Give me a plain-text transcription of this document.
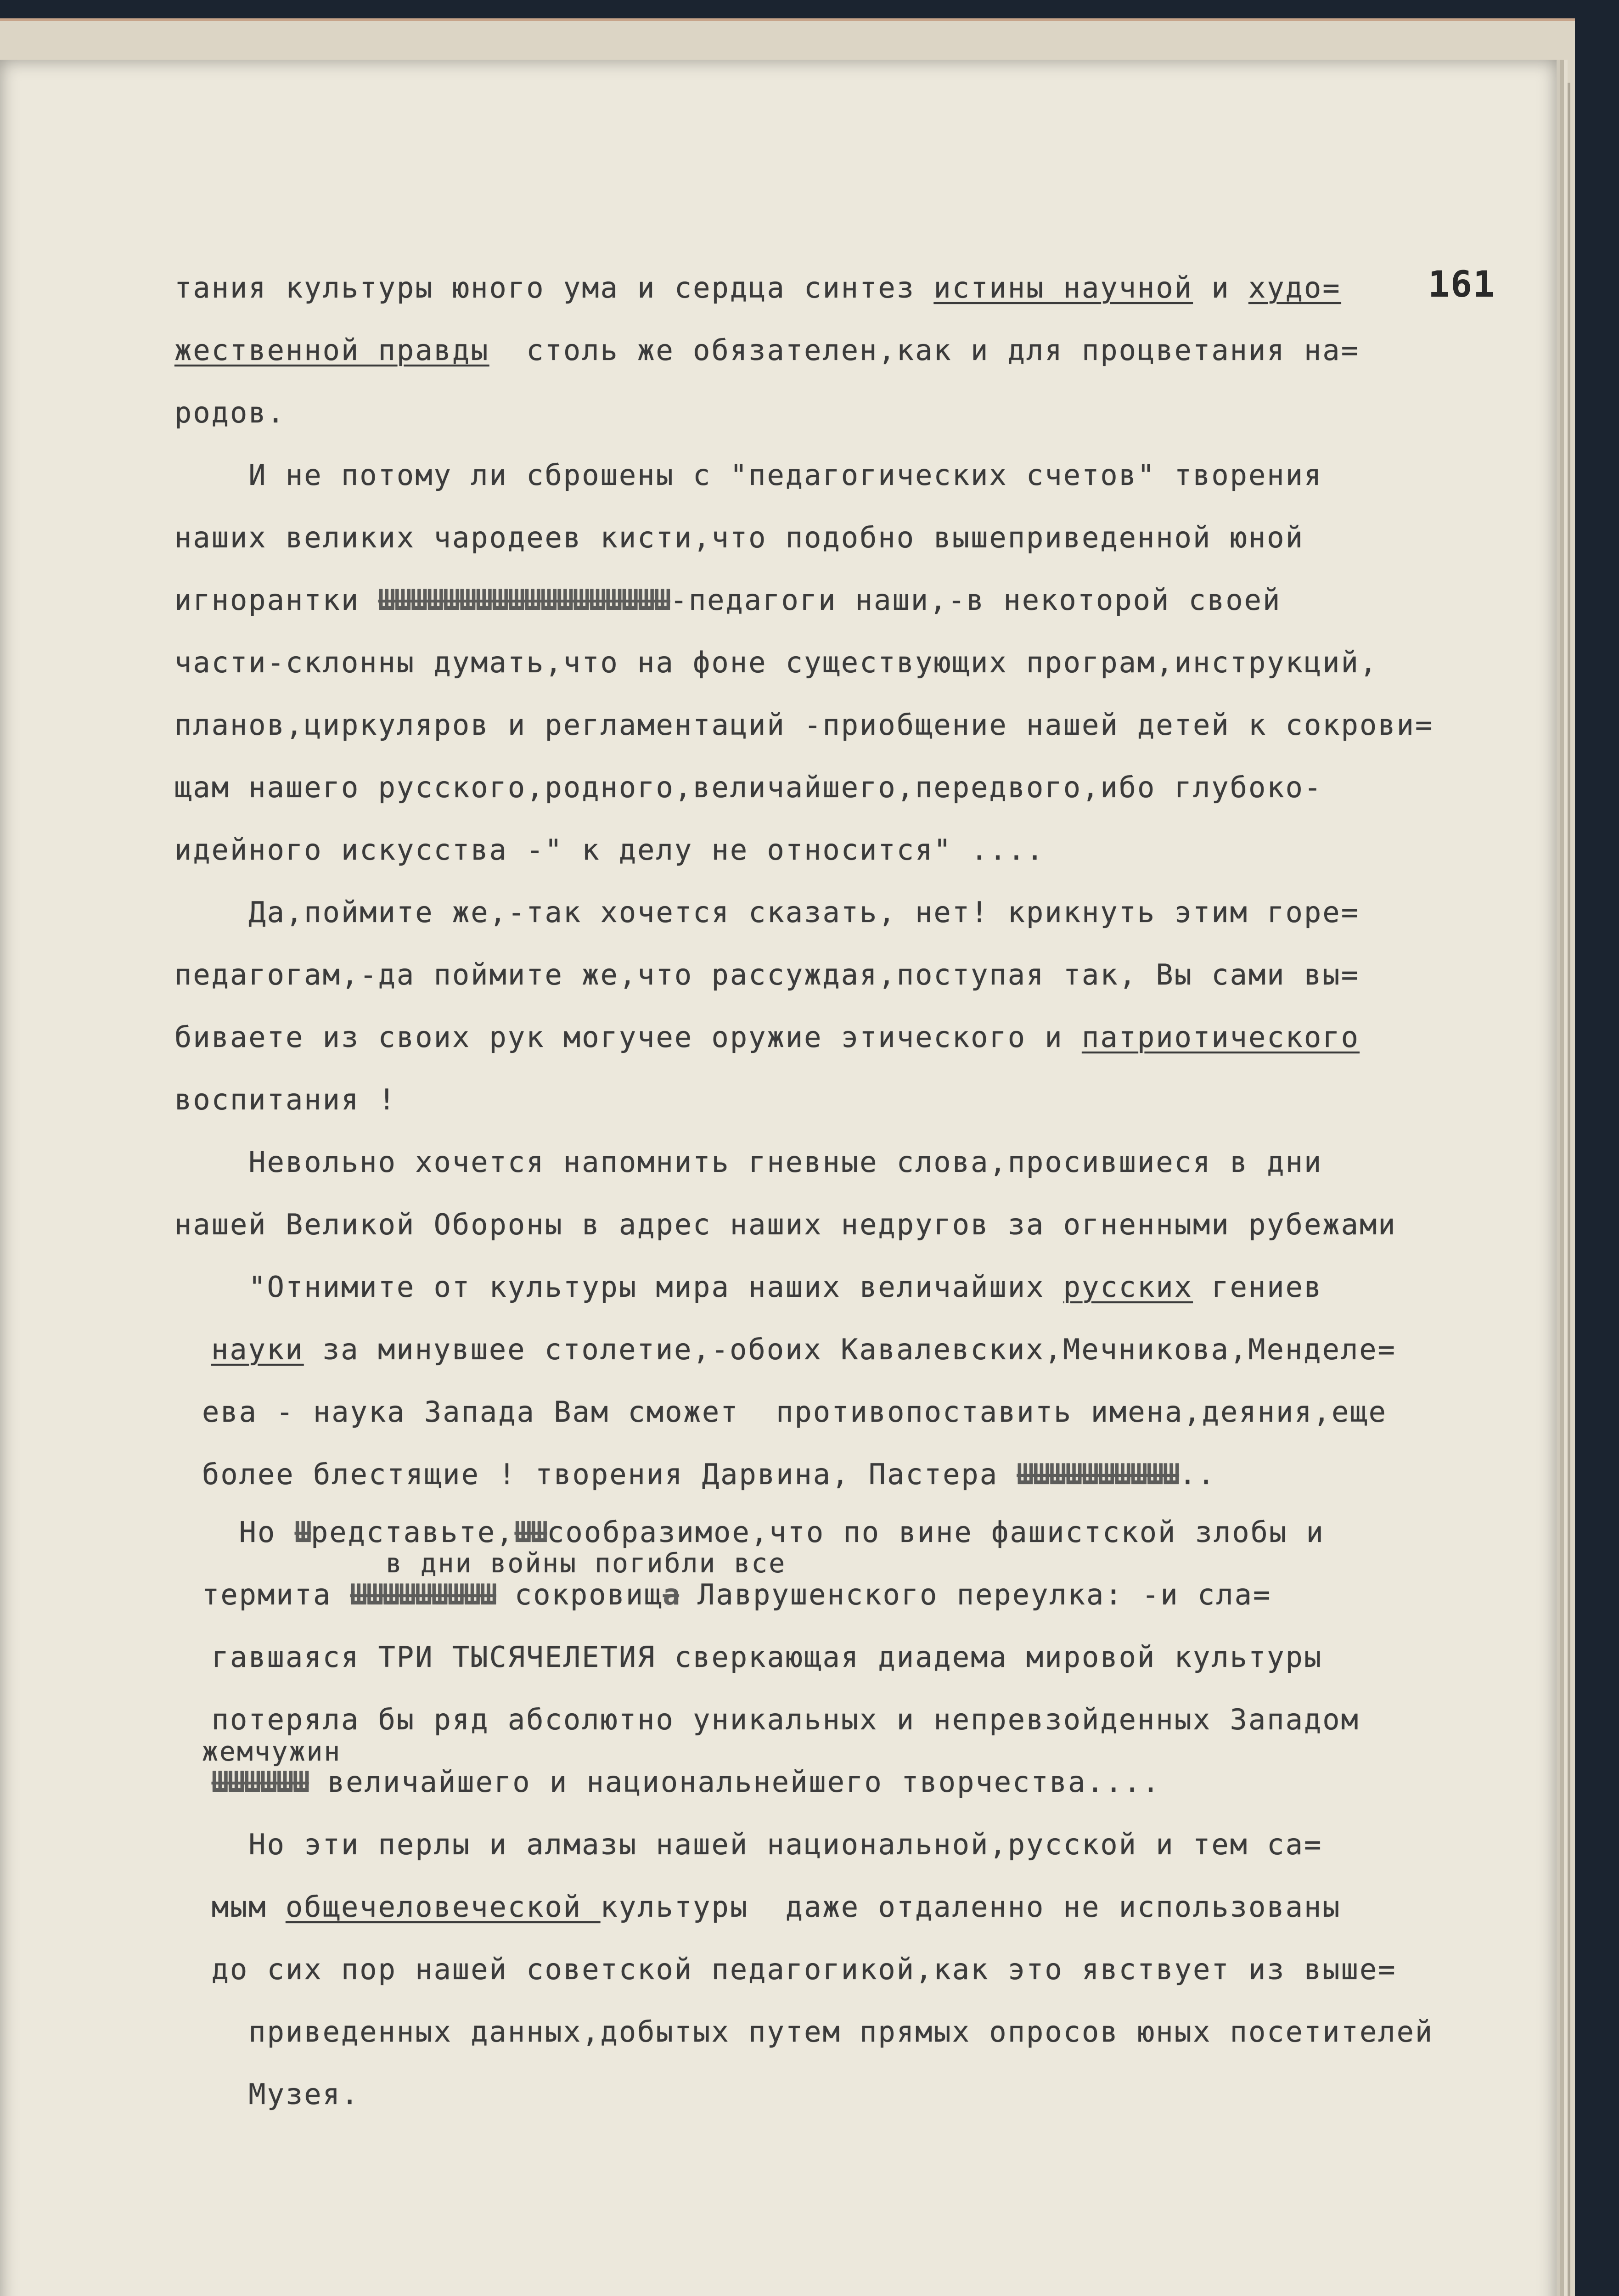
161
тания культуры юного ума и сердца синтез истины научной и худо=
жественной правды  столь же обязателен,как и для процветания на=
родов.
И не потому ли сброшены с "педагогических счетов" творения
наших великих чародеев кисти,что подобно вышеприведенной юной
игнорантки ШШШШШШШШШШШШШШШШШШ-педагоги наши,-в некоторой своей
части-склонны думать,что на фоне существующих програм,инструкций,
планов,циркуляров и регламентаций -приобщение нашей детей к сокрови=
щам нашего русского,родного,величайшего,передвого,ибо глубоко-
идейного искусства -" к делу не относится" ....
Да,поймите же,-так хочется сказать, нет! крикнуть этим горе=
педагогам,-да поймите же,что рассуждая,поступая так, Вы сами вы=
биваете из своих рук могучее оружие этического и патриотического
воспитания !
Невольно хочется напомнить гневные слова,просившиеся в дни
нашей Великой Обороны в адрес наших недругов за огненными рубежами
"Отнимите от культуры мира наших величайших русских гениев
науки за минувшее столетие,-обоих Кавалевских,Мечникова,Менделе=
ева - наука Запада Вам сможет  противопоставить имена,деяния,еще
более блестящие ! творения Дарвина, Пастера ШШШШШШШШШШ..
Но Шредставьте,ШШсообразимое,что по вине фашистской злобы и
в дни войны погибли все
термита ШШШШШШШШШ сокровища Лаврушенского переулка: -и сла=
гавшаяся ТРИ ТЫСЯЧЕЛЕТИЯ сверкающая диадема мировой культуры
потеряла бы ряд абсолютно уникальных и непревзойденных Западом
жемчужин
ШШШШШШ величайшего и национальнейшего творчества....
Но эти перлы и алмазы нашей национальной,русской и тем са=
мым общечеловеческой культуры  даже отдаленно не использованы
до сих пор нашей советской педагогикой,как это явствует из выше=
приведенных данных,добытых путем прямых опросов юных посетителей
Музея.
